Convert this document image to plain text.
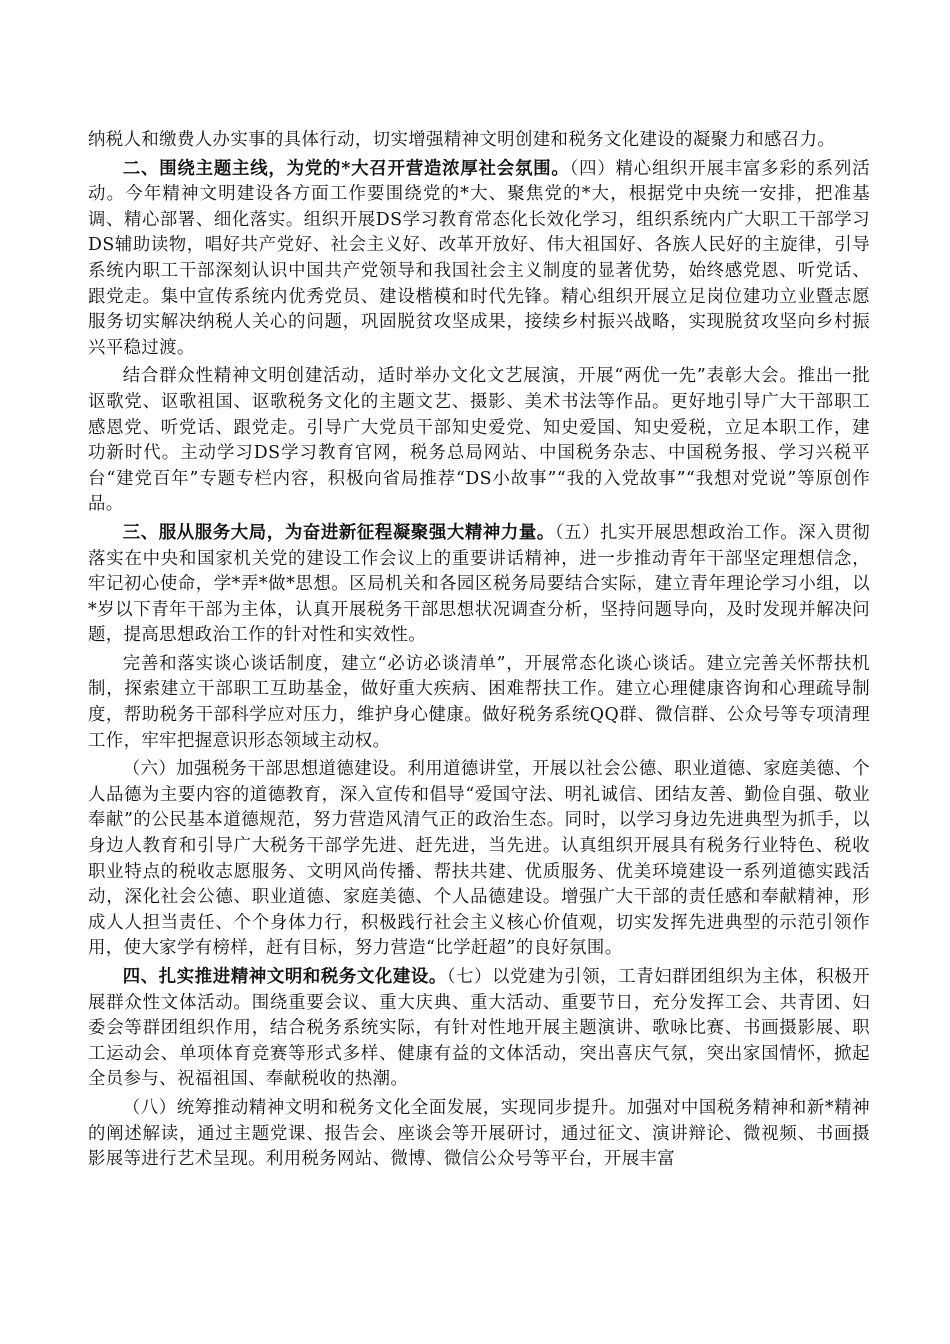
纳税人和缴费人办实事的具体行动，切实增强精神文明创建和税务文化建设的凝聚力和感召力。

二、围绕主题主线，为党的*大召开营造浓厚社会氛围。（四）精心组织开展丰富多彩的系列活动。今年精神文明建设各方面工作要围绕党的*大、聚焦党的*大，根据党中央统一安排，把准基调、精心部署、细化落实。组织开展DS学习教育常态化长效化学习，组织系统内广大职工干部学习DS辅助读物，唱好共产党好、社会主义好、改革开放好、伟大祖国好、各族人民好的主旋律，引导系统内职工干部深刻认识中国共产党领导和我国社会主义制度的显著优势，始终感党恩、听党话、跟党走。集中宣传系统内优秀党员、建设楷模和时代先锋。精心组织开展立足岗位建功立业暨志愿服务切实解决纳税人关心的问题，巩固脱贫攻坚成果，接续乡村振兴战略，实现脱贫攻坚向乡村振兴平稳过渡。

结合群众性精神文明创建活动，适时举办文化文艺展演，开展“两优一先”表彰大会。推出一批讴歌党、讴歌祖国、讴歌税务文化的主题文艺、摄影、美术书法等作品。更好地引导广大干部职工感恩党、听党话、跟党走。引导广大党员干部知史爱党、知史爱国、知史爱税，立足本职工作，建功新时代。主动学习DS学习教育官网，税务总局网站、中国税务杂志、中国税务报、学习兴税平台“建党百年”专题专栏内容，积极向省局推荐“DS小故事”“我的入党故事”“我想对党说”等原创作品。

三、服从服务大局，为奋进新征程凝聚强大精神力量。（五）扎实开展思想政治工作。深入贯彻落实在中央和国家机关党的建设工作会议上的重要讲话精神，进一步推动青年干部坚定理想信念，牢记初心使命，学*弄*做*思想。区局机关和各园区税务局要结合实际，建立青年理论学习小组，以*岁以下青年干部为主体，认真开展税务干部思想状况调查分析，坚持问题导向，及时发现并解决问题，提高思想政治工作的针对性和实效性。

完善和落实谈心谈话制度，建立“必访必谈清单”，开展常态化谈心谈话。建立完善关怀帮扶机制，探索建立干部职工互助基金，做好重大疾病、困难帮扶工作。建立心理健康咨询和心理疏导制度，帮助税务干部科学应对压力，维护身心健康。做好税务系统QQ群、微信群、公众号等专项清理工作，牢牢把握意识形态领域主动权。

（六）加强税务干部思想道德建设。利用道德讲堂，开展以社会公德、职业道德、家庭美德、个人品德为主要内容的道德教育，深入宣传和倡导“爱国守法、明礼诚信、团结友善、勤俭自强、敬业奉献”的公民基本道德规范，努力营造风清气正的政治生态。同时，以学习身边先进典型为抓手，以身边人教育和引导广大税务干部学先进、赶先进，当先进。认真组织开展具有税务行业特色、税收职业特点的税收志愿服务、文明风尚传播、帮扶共建、优质服务、优美环境建设一系列道德实践活动，深化社会公德、职业道德、家庭美德、个人品德建设。增强广大干部的责任感和奉献精神，形成人人担当责任、个个身体力行，积极践行社会主义核心价值观，切实发挥先进典型的示范引领作用，使大家学有榜样，赶有目标，努力营造“比学赶超”的良好氛围。

四、扎实推进精神文明和税务文化建设。（七）以党建为引领，工青妇群团组织为主体，积极开展群众性文体活动。围绕重要会议、重大庆典、重大活动、重要节日，充分发挥工会、共青团、妇委会等群团组织作用，结合税务系统实际，有针对性地开展主题演讲、歌咏比赛、书画摄影展、职工运动会、单项体育竞赛等形式多样、健康有益的文体活动，突出喜庆气氛，突出家国情怀，掀起全员参与、祝福祖国、奉献税收的热潮。

（八）统筹推动精神文明和税务文化全面发展，实现同步提升。加强对中国税务精神和新*精神的阐述解读，通过主题党课、报告会、座谈会等开展研讨，通过征文、演讲辩论、微视频、书画摄影展等进行艺术呈现。利用税务网站、微博、微信公众号等平台，开展丰富
